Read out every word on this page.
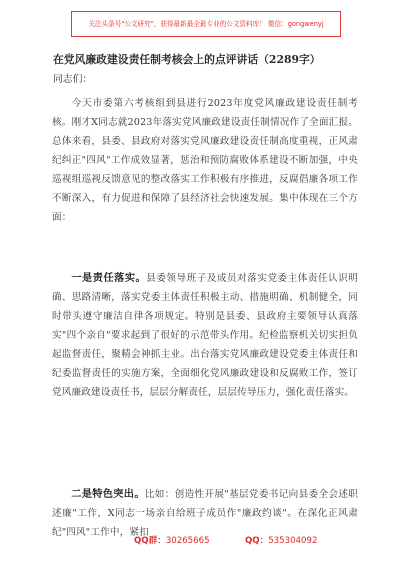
关注头条号"公文研究"，获得最新最全最专业的公文资料库！ 微信：gongwenyj
在党风廉政建设责任制考核会上的点评讲话（2289字）
同志们：

今天市委第六考核组到县进行2023年度党风廉政建设责任制考核。刚才X同志就2023年落实党风廉政建设责任制情况作了全面汇报。总体来看，县委、县政府对落实党风廉政建设责任制高度重视，正风肃纪纠正"四风"工作成效显著，惩治和预防腐败体系建设不断加强，中央巡视组巡视反馈意见的整改落实工作积极有序推进，反腐倡廉各项工作不断深入，有力促进和保障了县经济社会快速发展。集中体现在三个方面：

一是责任落实。县委领导班子及成员对落实党委主体责任认识明确、思路清晰，落实党委主体责任积极主动、措施明确、机制健全，同时带头遵守廉洁自律各项规定。特别是县委、县政府主要领导认真落实"四个亲自"要求起到了很好的示范带头作用。纪检监察机关切实担负起监督责任，聚精会神抓主业。出台落实党风廉政建设党委主体责任和纪委监督责任的实施方案，全面细化党风廉政建设和反腐败工作，签订党风廉政建设责任书，层层分解责任，层层传导压力，强化责任落实。

二是特色突出。比如：创造性开展"基层党委书记向县委全会述职述廉"工作，X同志一场亲自给班子成员作"廉政约谈"。在深化正风肃纪"四风"工作中，紧扣

QQ群：30265665	QQ：535304092
